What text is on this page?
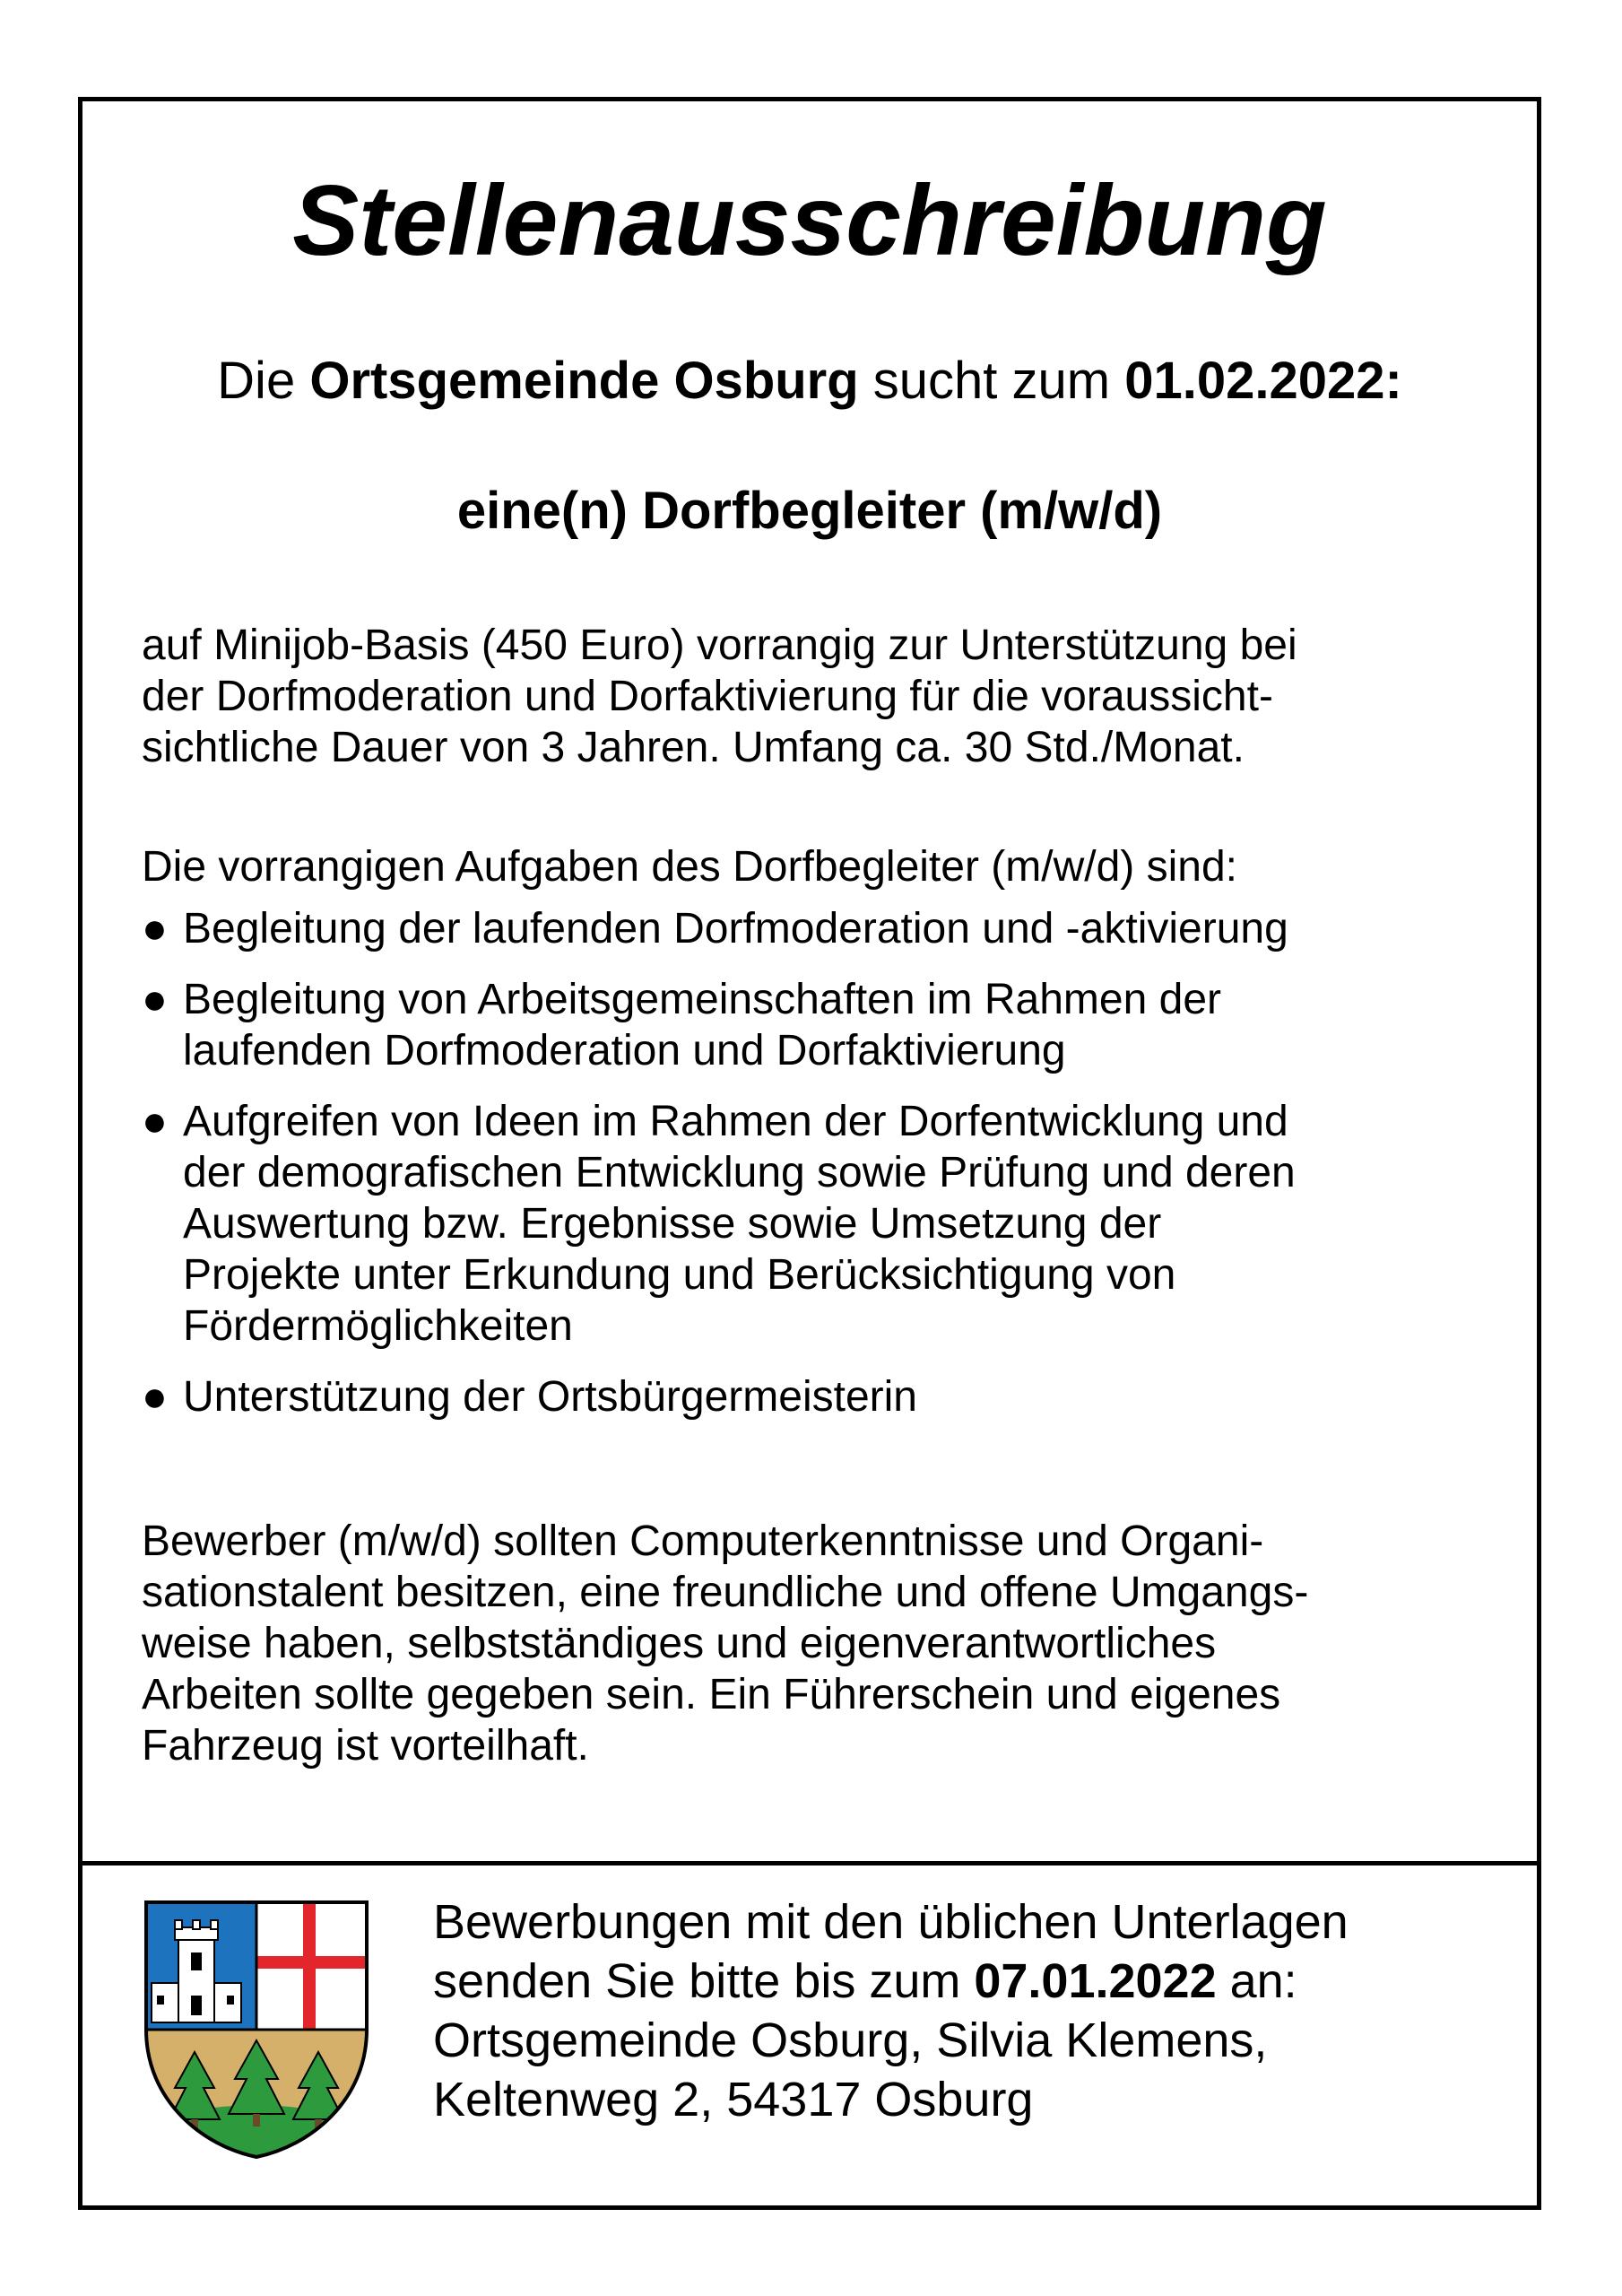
Stellenausschreibung

Die Ortsgemeinde Osburg sucht zum 01.02.2022:

eine(n) Dorfbegleiter (m/w/d)

auf Minijob-Basis (450 Euro) vorrangig zur Unterstützung bei
der Dorfmoderation und Dorfaktivierung für die voraussicht-
sichtliche Dauer von 3 Jahren. Umfang ca. 30 Std./Monat.

Die vorrangigen Aufgaben des Dorfbegleiter (m/w/d) sind:

● Begleitung der laufenden Dorfmoderation und -aktivierung
● Begleitung von Arbeitsgemeinschaften im Rahmen der
laufenden Dorfmoderation und Dorfaktivierung
● Aufgreifen von Ideen im Rahmen der Dorfentwicklung und
der demografischen Entwicklung sowie Prüfung und deren
Auswertung bzw. Ergebnisse sowie Umsetzung der
Projekte unter Erkundung und Berücksichtigung von
Fördermöglichkeiten
● Unterstützung der Ortsbürgermeisterin

Bewerber (m/w/d) sollten Computerkenntnisse und Organi-
sationstalent besitzen, eine freundliche und offene Umgangs-
weise haben, selbstständiges und eigenverantwortliches
Arbeiten sollte gegeben sein. Ein Führerschein und eigenes
Fahrzeug ist vorteilhaft.

Bewerbungen mit den üblichen Unterlagen
senden Sie bitte bis zum 07.01.2022 an:
Ortsgemeinde Osburg, Silvia Klemens,
Keltenweg 2, 54317 Osburg
